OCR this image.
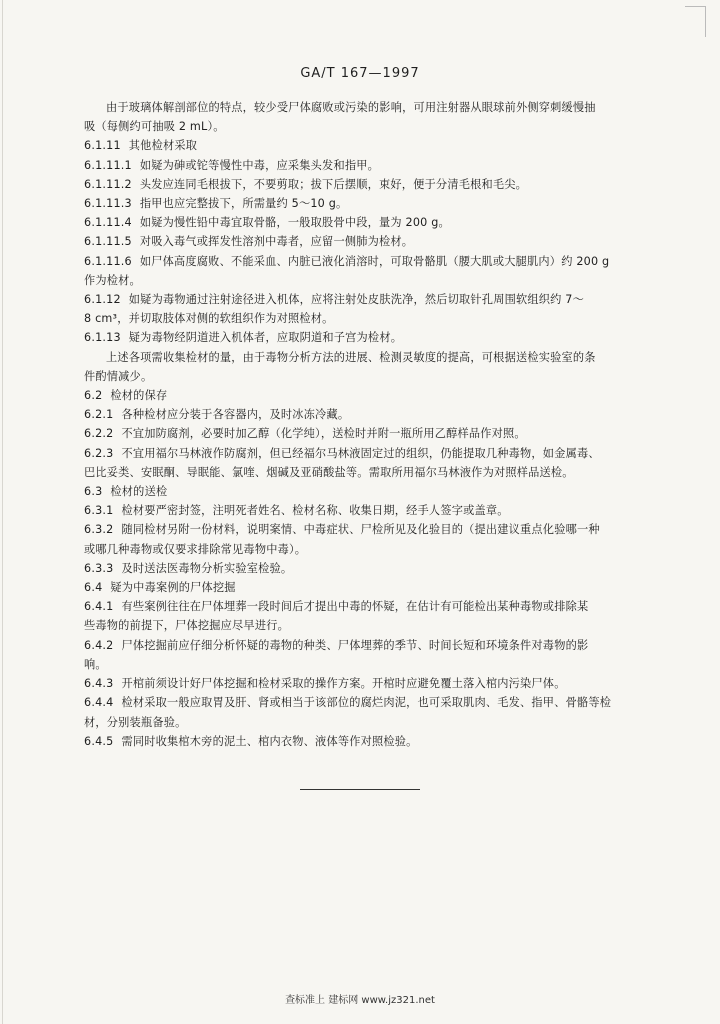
GA/T 167—1997

由于玻璃体解剖部位的特点，较少受尸体腐败或污染的影响，可用注射器从眼球前外侧穿刺缓慢抽

吸（每侧约可抽吸 2 mL）。

6.1.11 其他检材采取

6.1.11.1 如疑为砷或铊等慢性中毒，应采集头发和指甲。

6.1.11.2 头发应连同毛根拔下，不要剪取；拔下后摆顺，束好，便于分清毛根和毛尖。

6.1.11.3 指甲也应完整拔下，所需量约 5～10 g。

6.1.11.4 如疑为慢性铅中毒宜取骨骼，一般取股骨中段，量为 200 g。

6.1.11.5 对吸入毒气或挥发性溶剂中毒者，应留一侧肺为检材。

6.1.11.6 如尸体高度腐败、不能采血、内脏已液化消溶时，可取骨骼肌（腰大肌或大腿肌内）约 200 g

作为检材。

6.1.12 如疑为毒物通过注射途径进入机体，应将注射处皮肤洗净，然后切取针孔周围软组织约 7～

8 cm³，并切取肢体对侧的软组织作为对照检材。

6.1.13 疑为毒物经阴道进入机体者，应取阴道和子宫为检材。

上述各项需收集检材的量，由于毒物分析方法的进展、检测灵敏度的提高，可根据送检实验室的条

件酌情减少。

6.2 检材的保存

6.2.1 各种检材应分装于各容器内，及时冰冻冷藏。

6.2.2 不宜加防腐剂，必要时加乙醇（化学纯），送检时并附一瓶所用乙醇样品作对照。

6.2.3 不宜用福尔马林液作防腐剂，但已经福尔马林液固定过的组织，仍能提取几种毒物，如金属毒、

巴比妥类、安眠酮、导眠能、氯喹、烟碱及亚硝酸盐等。需取所用福尔马林液作为对照样品送检。

6.3 检材的送检

6.3.1 检材要严密封签，注明死者姓名、检材名称、收集日期，经手人签字或盖章。

6.3.2 随同检材另附一份材料，说明案情、中毒症状、尸检所见及化验目的（提出建议重点化验哪一种

或哪几种毒物或仅要求排除常见毒物中毒）。

6.3.3 及时送法医毒物分析实验室检验。

6.4 疑为中毒案例的尸体挖掘

6.4.1 有些案例往往在尸体埋葬一段时间后才提出中毒的怀疑，在估计有可能检出某种毒物或排除某

些毒物的前提下，尸体挖掘应尽早进行。

6.4.2 尸体挖掘前应仔细分析怀疑的毒物的种类、尸体埋葬的季节、时间长短和环境条件对毒物的影

响。

6.4.3 开棺前须设计好尸体挖掘和检材采取的操作方案。开棺时应避免覆土落入棺内污染尸体。

6.4.4 检材采取一般应取胃及肝、肾或相当于该部位的腐烂肉泥，也可采取肌肉、毛发、指甲、骨骼等检

材，分别装瓶备验。

6.4.5 需同时收集棺木旁的泥土、棺内衣物、液体等作对照检验。

查标准上 建标网 www.jz321.net
